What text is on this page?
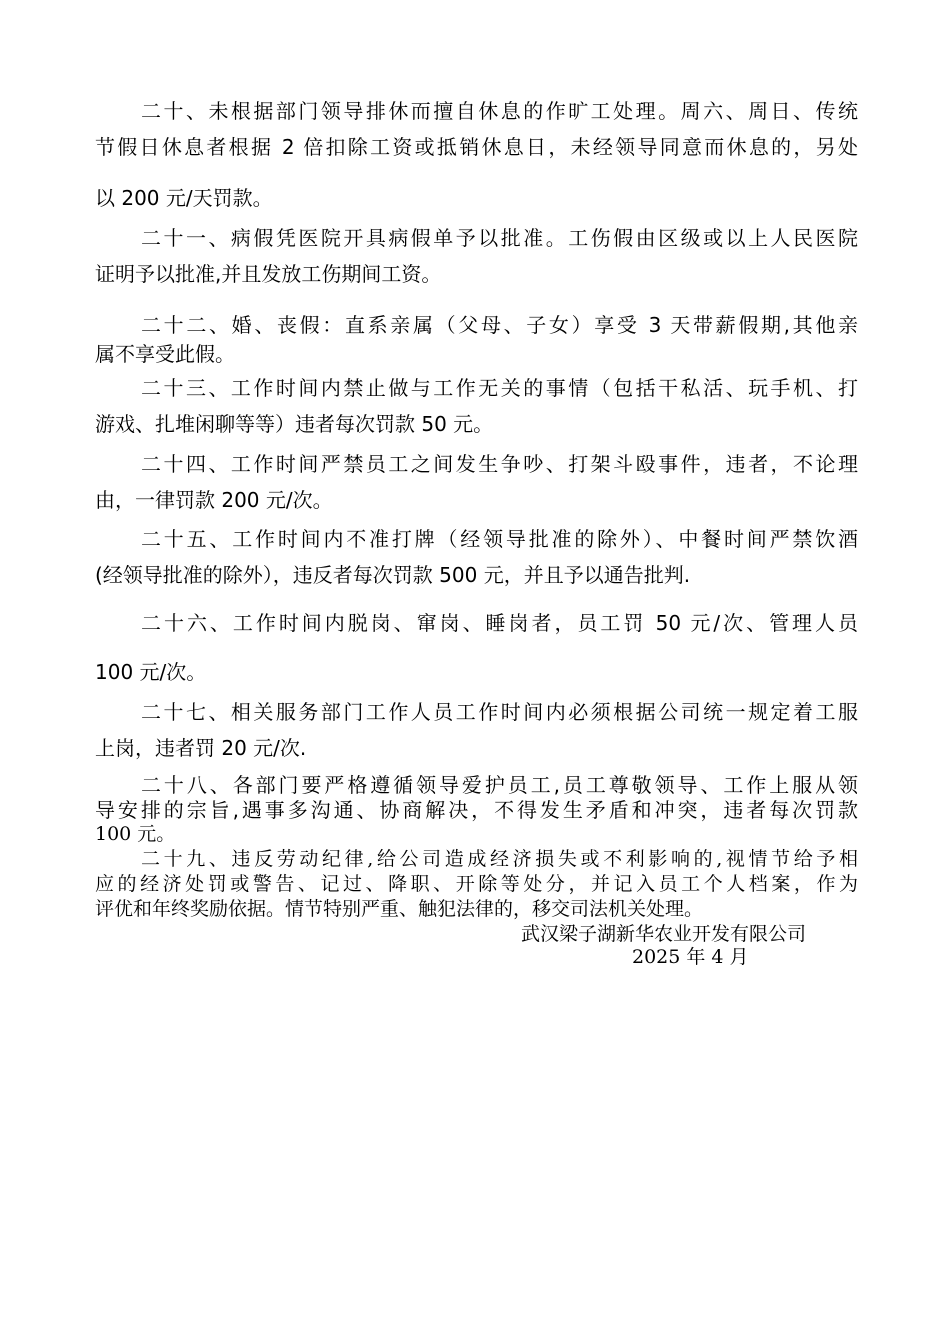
二十、未根据部门领导排休而擅自休息的作旷工处理。周六、周日、传统
节假日休息者根据 2 倍扣除工资或抵销休息日，未经领导同意而休息的，另处
以 200 元/天罚款。
二十一、病假凭医院开具病假单予以批准。工伤假由区级或以上人民医院
证明予以批准,并且发放工伤期间工资。
二十二、婚、丧假：直系亲属（父母、子女）享受 3 天带薪假期,其他亲
属不享受此假。
二十三、工作时间内禁止做与工作无关的事情（包括干私活、玩手机、打
游戏、扎堆闲聊等等）违者每次罚款 50 元。
二十四、工作时间严禁员工之间发生争吵、打架斗殴事件，违者，不论理
由，一律罚款 200 元/次。
二十五、工作时间内不准打牌（经领导批准的除外）、中餐时间严禁饮酒
(经领导批准的除外），违反者每次罚款 500 元，并且予以通告批判.
二十六、工作时间内脱岗、窜岗、睡岗者，员工罚 50 元/次、管理人员
100 元/次。
二十七、相关服务部门工作人员工作时间内必须根据公司统一规定着工服
上岗，违者罚 20 元/次.
二十八、各部门要严格遵循领导爱护员工,员工尊敬领导、工作上服从领
导安排的宗旨,遇事多沟通、协商解决，不得发生矛盾和冲突，违者每次罚款
100 元。
二十九、违反劳动纪律,给公司造成经济损失或不利影响的,视情节给予相
应的经济处罚或警告、记过、降职、开除等处分，并记入员工个人档案，作为
评优和年终奖励依据。情节特别严重、触犯法律的，移交司法机关处理。
武汉梁子湖新华农业开发有限公司
2025 年 4 月
